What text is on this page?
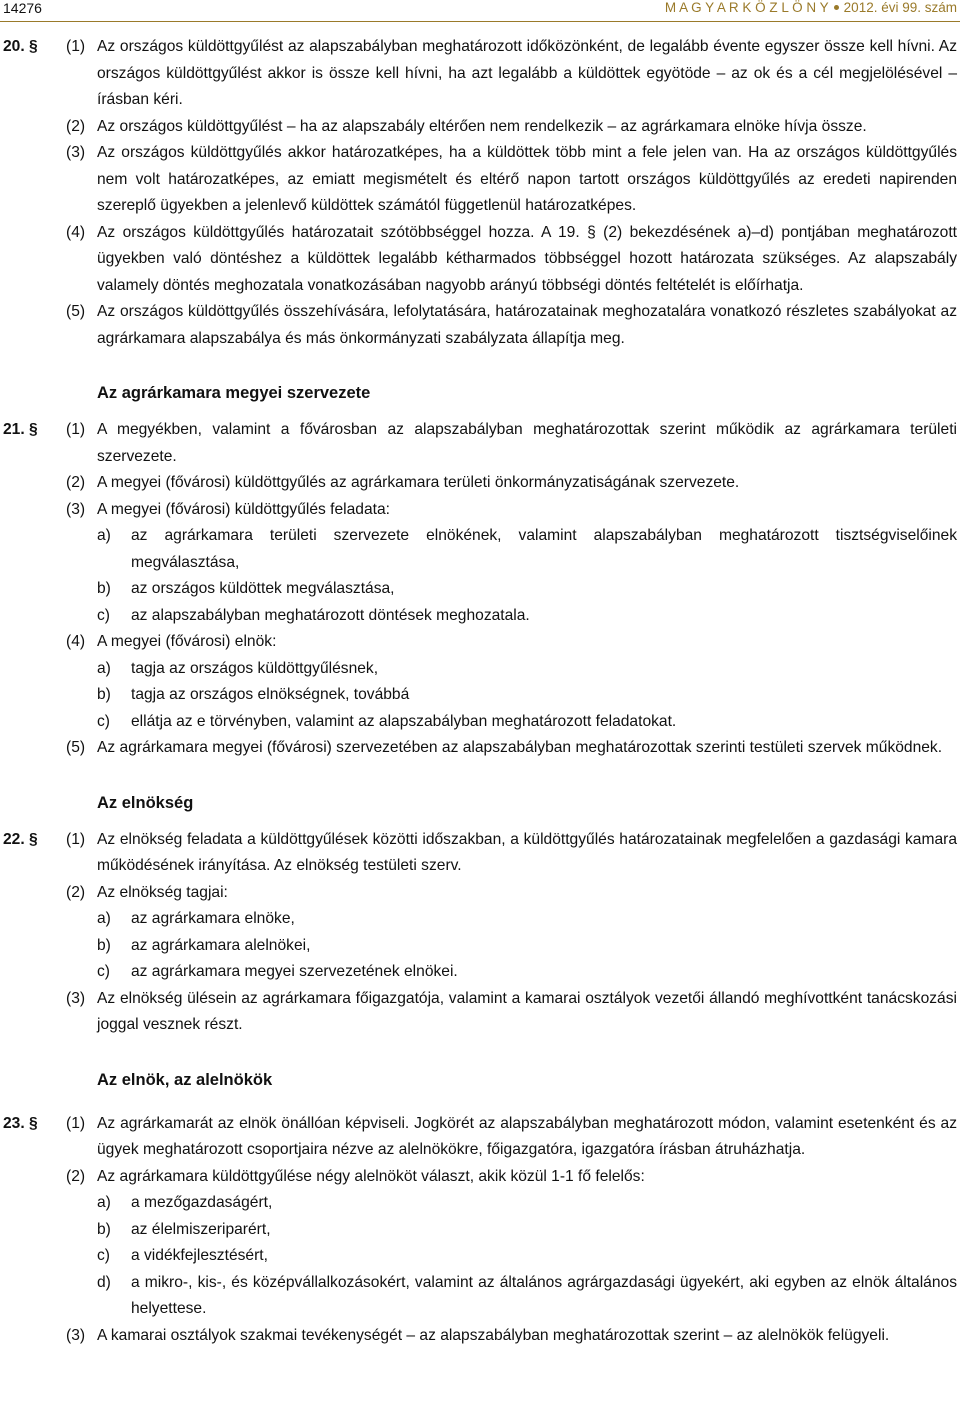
14276	M A G Y A R K Ö Z L Ö N Y 2012. évi 99. szám
20. § (1) Az országos küldöttgyűlést az alapszabályban meghatározott időközönként, de legalább évente egyszer össze kell hívni. Az országos küldöttgyűlést akkor is össze kell hívni, ha azt legalább a küldöttek egyötöde – az ok és a cél megjelölésével – írásban kéri.
(2) Az országos küldöttgyűlést – ha az alapszabály eltérően nem rendelkezik – az agrárkamara elnöke hívja össze.
(3) Az országos küldöttgyűlés akkor határozatképes, ha a küldöttek több mint a fele jelen van. Ha az országos küldöttgyűlés nem volt határozatképes, az emiatt megismételt és eltérő napon tartott országos küldöttgyűlés az eredeti napirenden szereplő ügyekben a jelenlevő küldöttek számától függetlenül határozatképes.
(4) Az országos küldöttgyűlés határozatait szótöbbséggel hozza. A 19. § (2) bekezdésének a)–d) pontjában meghatározott ügyekben való döntéshez a küldöttek legalább kétharmados többséggel hozott határozata szükséges. Az alapszabály valamely döntés meghozatala vonatkozásában nagyobb arányú többségi döntés feltételét is előírhatja.
(5) Az országos küldöttgyűlés összehívására, lefolytatására, határozatainak meghozatalára vonatkozó részletes szabályokat az agrárkamara alapszabálya és más önkormányzati szabályzata állapítja meg.
Az agrárkamara megyei szervezete
21. § (1) A megyékben, valamint a fővárosban az alapszabályban meghatározottak szerint működik az agrárkamara területi szervezete.
(2) A megyei (fővárosi) küldöttgyűlés az agrárkamara területi önkormányzatiságának szervezete.
(3) A megyei (fővárosi) küldöttgyűlés feladata:
a) az agrárkamara területi szervezete elnökének, valamint alapszabályban meghatározott tisztségviselőinek megválasztása,
b) az országos küldöttek megválasztása,
c) az alapszabályban meghatározott döntések meghozatala.
(4) A megyei (fővárosi) elnök:
a) tagja az országos küldöttgyűlésnek,
b) tagja az országos elnökségnek, továbbá
c) ellátja az e törvényben, valamint az alapszabályban meghatározott feladatokat.
(5) Az agrárkamara megyei (fővárosi) szervezetében az alapszabályban meghatározottak szerinti testületi szervek működnek.
Az elnökség
22. § (1) Az elnökség feladata a küldöttgyűlések közötti időszakban, a küldöttgyűlés határozatainak megfelelően a gazdasági kamara működésének irányítása. Az elnökség testületi szerv.
(2) Az elnökség tagjai:
a) az agrárkamara elnöke,
b) az agrárkamara alelnökei,
c) az agrárkamara megyei szervezetének elnökei.
(3) Az elnökség ülésein az agrárkamara főigazgatója, valamint a kamarai osztályok vezetői állandó meghívottként tanácskozási joggal vesznek részt.
Az elnök, az alelnökök
23. § (1) Az agrárkamarát az elnök önállóan képviseli. Jogkörét az alapszabályban meghatározott módon, valamint esetenként és az ügyek meghatározott csoportjaira nézve az alelnökökre, főigazgatóra, igazgatóra írásban átruházhatja.
(2) Az agrárkamara küldöttgyűlése négy alelnököt választ, akik közül 1-1 fő felelős:
a) a mezőgazdaságért,
b) az élelmiszeriparért,
c) a vidékfejlesztésért,
d) a mikro-, kis-, és középvállalkozásokért, valamint az általános agrárgazdasági ügyekért, aki egyben az elnök általános helyettese.
(3) A kamarai osztályok szakmai tevékenységét – az alapszabályban meghatározottak szerint – az alelnökök felügyeli.
